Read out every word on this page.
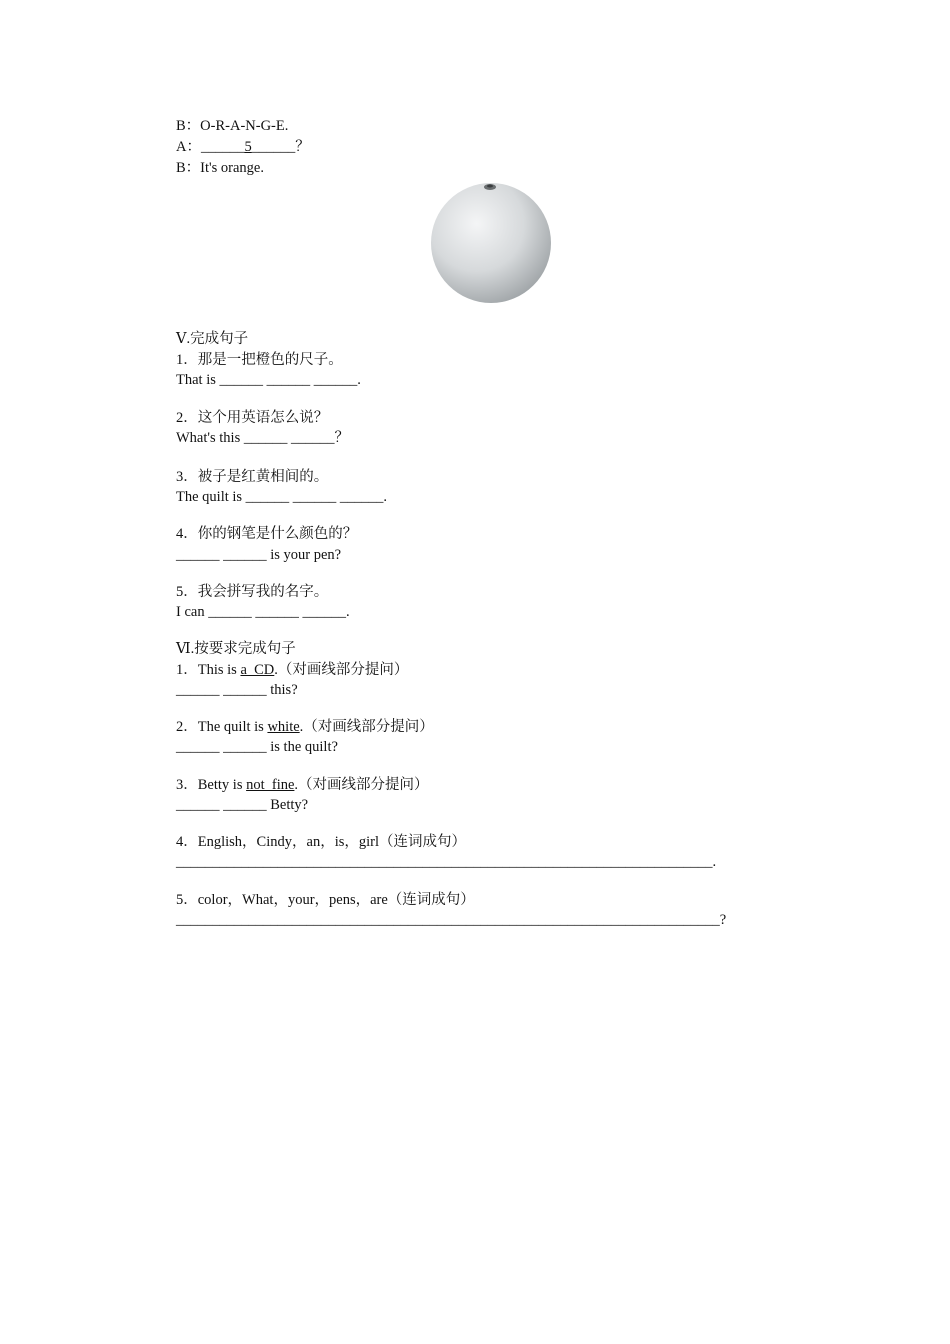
B：O-R-A-N-G-E.
A：______5______？
B：It's orange.
Ⅴ.完成句子
1．那是一把橙色的尺子。
That is ______ ______ ______.
2．这个用英语怎么说？
What's this ______ ______？
3．被子是红黄相间的。
The quilt is ______ ______ ______.
4．你的钢笔是什么颜色的？
______ ______ is your pen?
5．我会拼写我的名字。
I can ______ ______ ______.
Ⅵ.按要求完成句子
1．This is a  CD.（对画线部分提问）
______ ______ this?
2．The quilt is white.（对画线部分提问）
______ ______ is the quilt?
3．Betty is not  fine.（对画线部分提问）
______ ______ Betty?
4．English，Cindy，an，is，girl（连词成句）
__________________________________________________________________________.
5．color，What，your，pens，are（连词成句）
___________________________________________________________________________?
